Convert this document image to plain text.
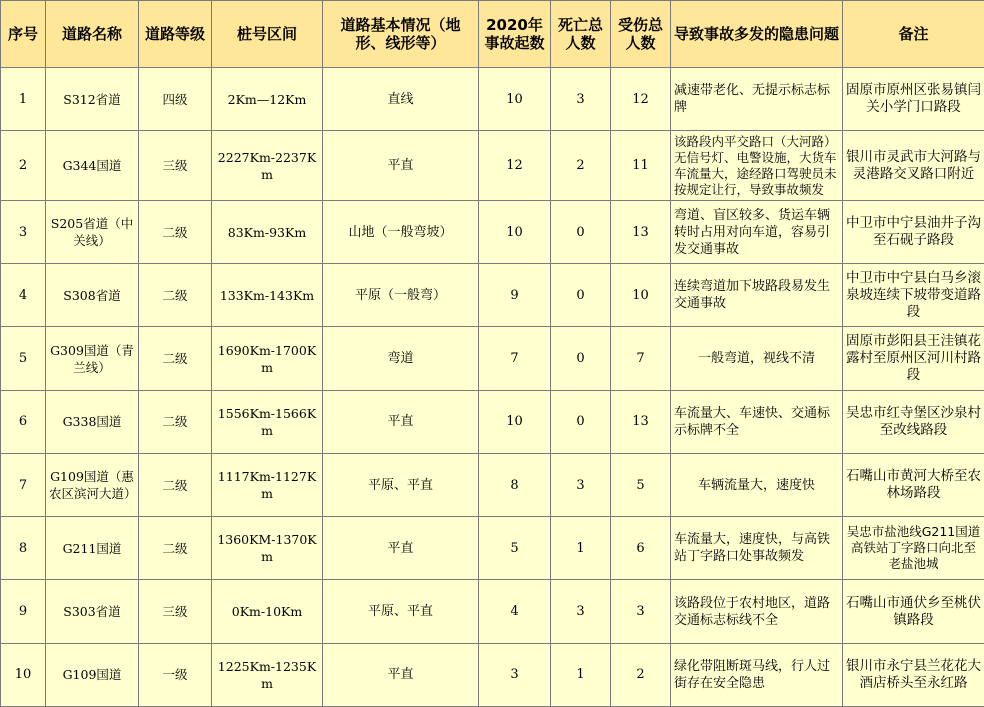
序号	道路名称	道路等级	桩号区间	道路基本情况（地形、线形等）	2020年事故起数	死亡总人数	受伤总人数	导致事故多发的隐患问题	备注
1	S312省道	四级	2Km—12Km	直线	10	3	12	减速带老化、无提示标志标牌	固原市原州区张易镇闫关小学门口路段
2	G344国道	三级	2227Km-2237Km	平直	12	2	11	该路段内平交路口（大河路）无信号灯、电警设施，大货车车流量大，途经路口驾驶员未按规定让行，导致事故频发	银川市灵武市大河路与灵港路交叉路口附近
3	S205省道（中关线）	二级	83Km-93Km	山地（一般弯坡）	10	0	13	弯道、盲区较多、货运车辆转时占用对向车道，容易引发交通事故	中卫市中宁县油井子沟至石砚子路段
4	S308省道	二级	133Km-143Km	平原（一般弯）	9	0	10	连续弯道加下坡路段易发生交通事故	中卫市中宁县白马乡滚泉坡连续下坡带变道路段
5	G309国道（青兰线）	二级	1690Km-1700Km	弯道	7	0	7	一般弯道，视线不清	固原市彭阳县王洼镇花露村至原州区河川村路段
6	G338国道	二级	1556Km-1566Km	平直	10	0	13	车流量大、车速快、交通标示标牌不全	吴忠市红寺堡区沙泉村至改线路段
7	G109国道（惠农区滨河大道）	二级	1117Km-1127Km	平原、平直	8	3	5	车辆流量大，速度快	石嘴山市黄河大桥至农林场路段
8	G211国道	二级	1360KM-1370Km	平直	5	1	6	车流量大，速度快，与高铁站丁字路口处事故频发	吴忠市盐池线G211国道高铁站丁字路口向北至老盐池城
9	S303省道	三级	0Km-10Km	平原、平直	4	3	3	该路段位于农村地区，道路交通标志标线不全	石嘴山市通伏乡至桃伏镇路段
10	G109国道	一级	1225Km-1235Km	平直	3	1	2	绿化带阻断斑马线，行人过街存在安全隐患	银川市永宁县兰花花大酒店桥头至永红路
